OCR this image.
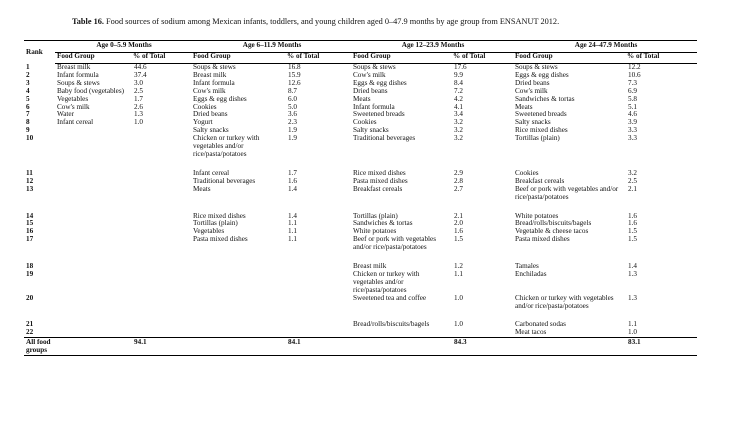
Table 16. Food sources of sodium among Mexican infants, toddlers, and young children aged 0–47.9 months by age group from ENSANUT 2012.
Rank	Age 0–5.9 Months		Age 6–11.9 Months		Age 12–23.9 Months		Age 24–47.9 Months	
	Food Group	% of Total	Food Group	% of Total	Food Group	% of Total	Food Group	% of Total
1	Breast milk	44.6	Soups & stews	16.8	Soups & stews	17.6	Soups & stews	12.2
2	Infant formula	37.4	Breast milk	15.9	Cow's milk	9.9	Eggs & egg dishes	10.6
3	Soups & stews	3.0	Infant formula	12.6	Eggs & egg dishes	8.4	Dried beans	7.3
4	Baby food (vegetables)	2.5	Cow's milk	8.7	Dried beans	7.2	Cow's milk	6.9
5	Vegetables	1.7	Eggs & egg dishes	6.0	Meats	4.2	Sandwiches & tortas	5.8
6	Cow's milk	2.6	Cookies	5.0	Infant formula	4.1	Meats	5.1
7	Water	1.3	Dried beans	3.6	Sweetened breads	3.4	Sweetened breads	4.6
8	Infant cereal	1.0	Yogurt	2.3	Cookies	3.2	Salty snacks	3.9
9			Salty snacks	1.9	Salty snacks	3.2	Rice mixed dishes	3.3
10			Chicken or turkey with vegetables and/or rice/pasta/potatoes	1.9	Traditional beverages	3.2	Tortillas (plain)	3.3
11			Infant cereal	1.7	Rice mixed dishes	2.9	Cookies	3.2
12			Traditional beverages	1.6	Pasta mixed dishes	2.8	Breakfast cereals	2.5
13			Meats	1.4	Breakfast cereals	2.7	Beef or pork with vegetables and/or rice/pasta/potatoes	2.1
14			Rice mixed dishes	1.4	Tortillas (plain)	2.1	White potatoes	1.6
15			Tortillas (plain)	1.1	Sandwiches & tortas	2.0	Bread/rolls/biscuits/bagels	1.6
16			Vegetables	1.1	White potatoes	1.6	Vegetable & cheese tacos	1.5
17			Pasta mixed dishes	1.1	Beef or pork with vegetables and/or rice/pasta/potatoes	1.5	Pasta mixed dishes	1.5
18					Breast milk	1.2	Tamales	1.4
19					Chicken or turkey with vegetables and/or rice/pasta/potatoes	1.1	Enchiladas	1.3
20					Sweetened tea and coffee	1.0	Chicken or turkey with vegetables and/or rice/pasta/potatoes	1.3
21					Bread/rolls/biscuits/bagels	1.0	Carbonated sodas	1.1
22							Meat tacos	1.0
All food groups		94.1		84.1		84.3		83.1
